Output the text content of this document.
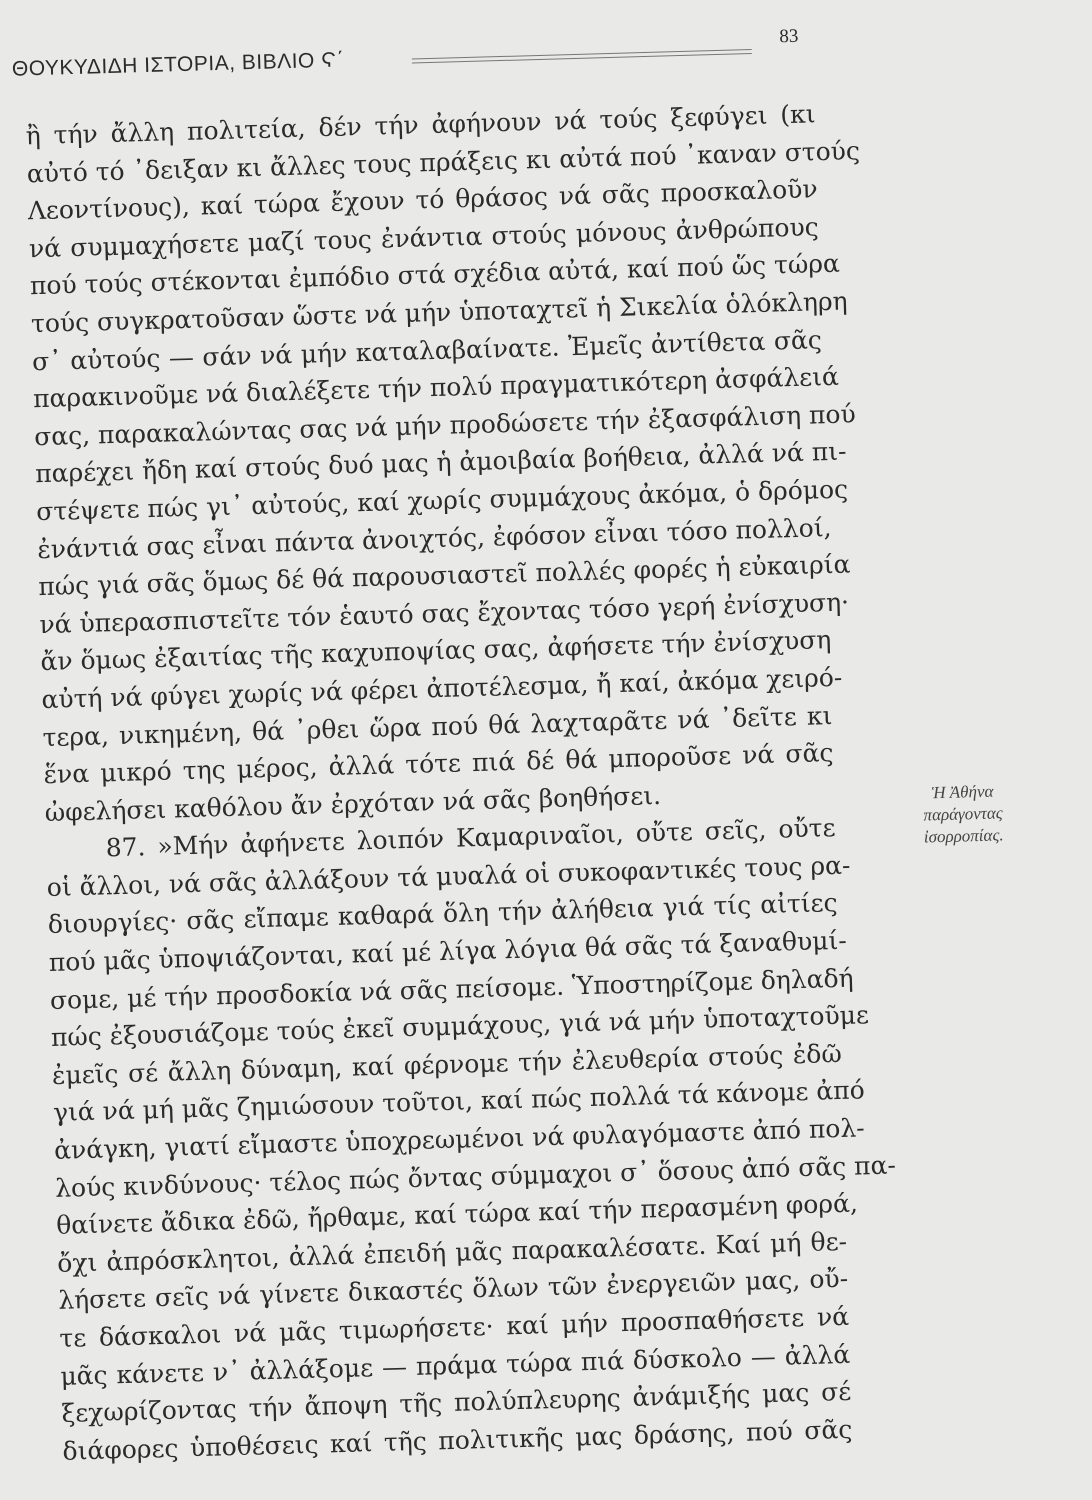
ΘΟΥΚΥΔΙΔΗ ΙΣΤΟΡΙΑ, ΒΙΒΛΙΟ Ϛ΄
83
ἢ τήν ἄλλη πολιτεία, δέν τήν ἀφήνουν νά τούς ξεφύγει (κι
αὐτό τό ᾿δειξαν κι ἄλλες τους πράξεις κι αὐτά πού ᾿καναν στούς
Λεοντίνους), καί τώρα ἔχουν τό θράσος νά σᾶς προσκαλοῦν
νά συμμαχήσετε μαζί τους ἐνάντια στούς μόνους ἀνθρώπους
πού τούς στέκονται ἐμπόδιο στά σχέδια αὐτά, καί πού ὥς τώρα
τούς συγκρατοῦσαν ὥστε νά μήν ὑποταχτεῖ ἡ Σικελία ὁλόκληρη
σ᾿ αὐτούς — σάν νά μήν καταλαβαίνατε. Ἐμεῖς ἀντίθετα σᾶς
παρακινοῦμε νά διαλέξετε τήν πολύ πραγματικότερη ἀσφάλειά
σας, παρακαλώντας σας νά μήν προδώσετε τήν ἐξασφάλιση πού
παρέχει ἤδη καί στούς δυό μας ἡ ἀμοιβαία βοήθεια, ἀλλά νά πι-
στέψετε πώς γι᾿ αὐτούς, καί χωρίς συμμάχους ἀκόμα, ὁ δρόμος
ἐνάντιά σας εἶναι πάντα ἀνοιχτός, ἐφόσον εἶναι τόσο πολλοί,
πώς γιά σᾶς ὅμως δέ θά παρουσιαστεῖ πολλές φορές ἡ εὐκαιρία
νά ὑπερασπιστεῖτε τόν ἑαυτό σας ἔχοντας τόσο γερή ἐνίσχυση·
ἄν ὅμως ἐξαιτίας τῆς καχυποψίας σας, ἀφήσετε τήν ἐνίσχυση
αὐτή νά φύγει χωρίς νά φέρει ἀποτέλεσμα, ἤ καί, ἀκόμα χειρό-
τερα, νικημένη, θά ᾿ρθει ὥρα πού θά λαχταρᾶτε νά ᾿δεῖτε κι
ἕνα μικρό της μέρος, ἀλλά τότε πιά δέ θά μποροῦσε νά σᾶς
ὠφελήσει καθόλου ἄν ἐρχόταν νά σᾶς βοηθήσει.
87. »Μήν ἀφήνετε λοιπόν Καμαριναῖοι, οὔτε σεῖς, οὔτε
οἱ ἄλλοι, νά σᾶς ἀλλάξουν τά μυαλά οἱ συκοφαντικές τους ρα-
διουργίες· σᾶς εἴπαμε καθαρά ὅλη τήν ἀλήθεια γιά τίς αἰτίες
πού μᾶς ὑποψιάζονται, καί μέ λίγα λόγια θά σᾶς τά ξαναθυμί-
σομε, μέ τήν προσδοκία νά σᾶς πείσομε. Ὑποστηρίζομε δηλαδή
πώς ἐξουσιάζομε τούς ἐκεῖ συμμάχους, γιά νά μήν ὑποταχτοῦμε
ἐμεῖς σέ ἄλλη δύναμη, καί φέρνομε τήν ἐλευθερία στούς ἐδῶ
γιά νά μή μᾶς ζημιώσουν τοῦτοι, καί πώς πολλά τά κάνομε ἀπό
ἀνάγκη, γιατί εἴμαστε ὑποχρεωμένοι νά φυλαγόμαστε ἀπό πολ-
λούς κινδύνους· τέλος πώς ὄντας σύμμαχοι σ᾿ ὅσους ἀπό σᾶς πα-
θαίνετε ἄδικα ἐδῶ, ἤρθαμε, καί τώρα καί τήν περασμένη φορά,
ὄχι ἀπρόσκλητοι, ἀλλά ἐπειδή μᾶς παρακαλέσατε. Καί μή θε-
λήσετε σεῖς νά γίνετε δικαστές ὅλων τῶν ἐνεργειῶν μας, οὔ-
τε δάσκαλοι νά μᾶς τιμωρήσετε· καί μήν προσπαθήσετε νά
μᾶς κάνετε ν᾿ ἀλλάξομε — πράμα τώρα πιά δύσκολο — ἀλλά
ξεχωρίζοντας τήν ἄποψη τῆς πολύπλευρης ἀνάμιξής μας σέ
διάφορες ὑποθέσεις καί τῆς πολιτικῆς μας δράσης, πού σᾶς
Ἡ Ἀθήνα
παράγοντας
ἰσορροπίας.
